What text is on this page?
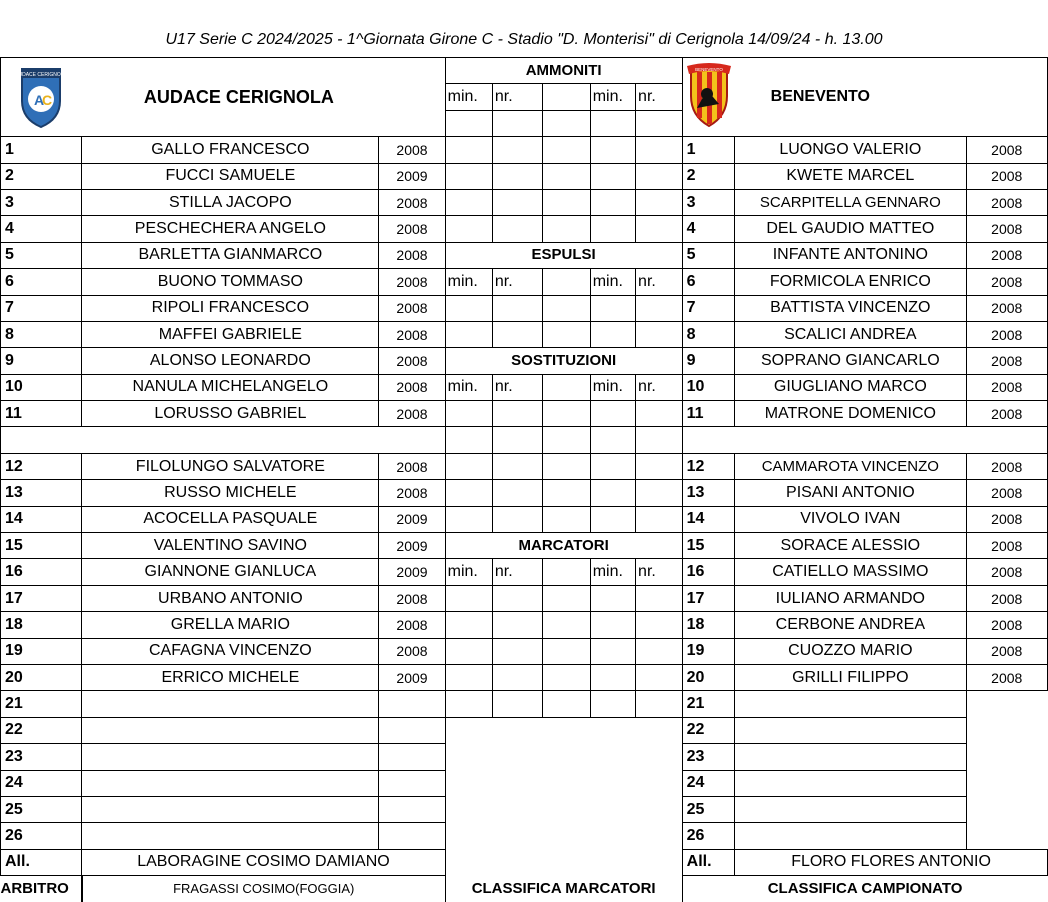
U17 Serie C 2024/2025 - 1^Giornata Girone C - Stadio "D. Monterisi" di Cerignola 14/09/24 - h. 13.00
AUDACE CERIGNOLA
A
C	AUDACE CERIGNOLA		AMMONITI					BENEVENTO	BENEVENTO	
			min.	nr.		min.	nr.			

1	GALLO FRANCESCO	2008						1	LUONGO VALERIO	2008
2	FUCCI SAMUELE	2009						2	KWETE MARCEL	2008
3	STILLA JACOPO	2008						3	SCARPITELLA GENNARO	2008
4	PESCHECHERA ANGELO	2008						4	DEL GAUDIO MATTEO	2008
5	BARLETTA GIANMARCO	2008	ESPULSI					5	INFANTE ANTONINO	2008
6	BUONO TOMMASO	2008	min.	nr.		min.	nr.	6	FORMICOLA ENRICO	2008
7	RIPOLI FRANCESCO	2008						7	BATTISTA VINCENZO	2008
8	MAFFEI GABRIELE	2008						8	SCALICI ANDREA	2008
9	ALONSO LEONARDO	2008	SOSTITUZIONI					9	SOPRANO GIANCARLO	2008
10	NANULA MICHELANGELO	2008	min.	nr.		min.	nr.	10	GIUGLIANO MARCO	2008
11	LORUSSO GABRIEL	2008						11	MATRONE DOMENICO	2008

12	FILOLUNGO SALVATORE	2008						12	CAMMAROTA VINCENZO	2008
13	RUSSO MICHELE	2008						13	PISANI ANTONIO	2008
14	ACOCELLA PASQUALE	2009						14	VIVOLO IVAN	2008
15	VALENTINO SAVINO	2009	MARCATORI					15	SORACE ALESSIO	2008
16	GIANNONE GIANLUCA	2009	min.	nr.		min.	nr.	16	CATIELLO MASSIMO	2008
17	URBANO ANTONIO	2008						17	IULIANO ARMANDO	2008
18	GRELLA MARIO	2008						18	CERBONE ANDREA	2008
19	CAFAGNA VINCENZO	2008						19	CUOZZO MARIO	2008
20	ERRICO MICHELE	2009						20	GRILLI FILIPPO	2008
21								21		
22								22		
23								23		
24								24		
25								25		
26								26		
All.	LABORAGINE COSIMO DAMIANO							All.	FLORO FLORES ANTONIO	
ARBITRO	FRAGASSI COSIMO(FOGGIA)		CLASSIFICA MARCATORI					CLASSIFICA CAMPIONATO		
